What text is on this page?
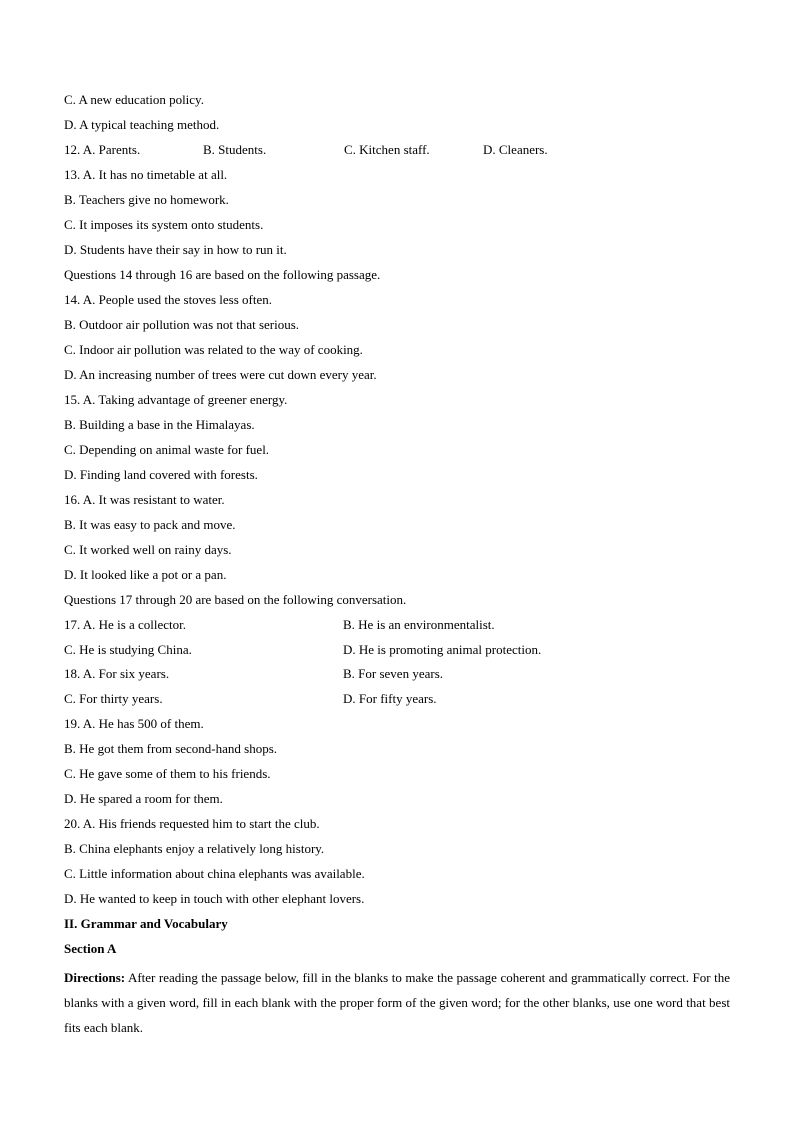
C. A new education policy.
D. A typical teaching method.
12. A. Parents.	B. Students.	C. Kitchen staff.	D. Cleaners.
13. A. It has no timetable at all.
B. Teachers give no homework.
C. It imposes its system onto students.
D. Students have their say in how to run it.
Questions 14 through 16 are based on the following passage.
14. A. People used the stoves less often.
B. Outdoor air pollution was not that serious.
C. Indoor air pollution was related to the way of cooking.
D. An increasing number of trees were cut down every year.
15. A. Taking advantage of greener energy.
B. Building a base in the Himalayas.
C. Depending on animal waste for fuel.
D. Finding land covered with forests.
16. A. It was resistant to water.
B. It was easy to pack and move.
C. It worked well on rainy days.
D. It looked like a pot or a pan.
Questions 17 through 20 are based on the following conversation.
17. A. He is a collector.	B. He is an environmentalist.
C. He is studying China.	D. He is promoting animal protection.
18. A. For six years.	B. For seven years.
C. For thirty years.	D. For fifty years.
19. A. He has 500 of them.
B. He got them from second-hand shops.
C. He gave some of them to his friends.
D. He spared a room for them.
20. A. His friends requested him to start the club.
B. China elephants enjoy a relatively long history.
C. Little information about china elephants was available.
D. He wanted to keep in touch with other elephant lovers.
II. Grammar and Vocabulary
Section A
Directions: After reading the passage below, fill in the blanks to make the passage coherent and grammatically correct. For the blanks with a given word, fill in each blank with the proper form of the given word; for the other blanks, use one word that best fits each blank.
